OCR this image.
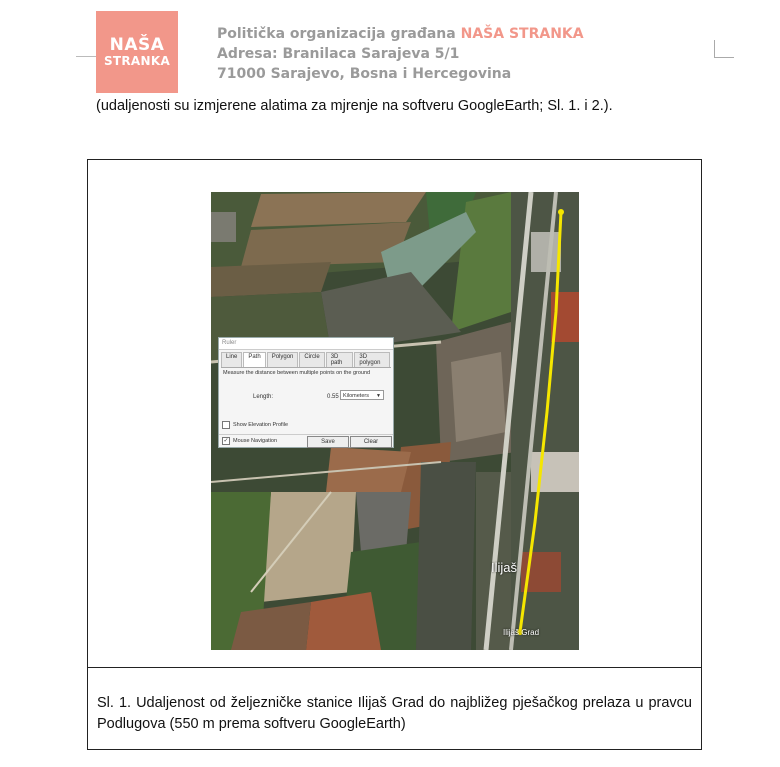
NAŠA
STRANKA
Politička organizacija građana NAŠA STRANKA
Adresa: Branilaca Sarajeva 5/1
71000 Sarajevo, Bosna i Hercegovina
(udaljenosti su izmjerene alatima za mjrenje na softveru GoogleEarth; Sl. 1. i 2.).
Ilijaš
Ilijaš Grad
Ruler
Line	Path	Polygon	Circle	3D path
3D polygon
Measure the distance between multiple points on the ground
Length:	0.55 Kilometers ▼
Show Elevation Profile
✓ Mouse Navigation	Save	Clear
Sl. 1. Udaljenost od željezničke stanice Ilijaš Grad do najbližeg pješačkog prelaza u pravcu Podlugova (550 m prema softveru GoogleEarth)
